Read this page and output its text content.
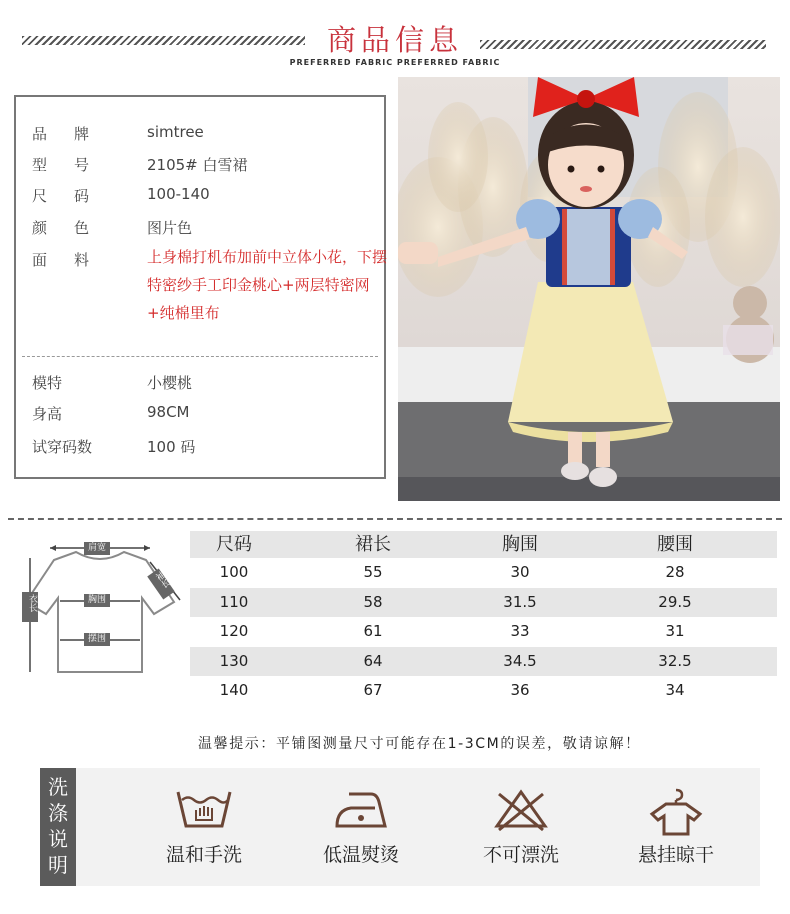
商品信息
PREFERRED FABRIC PREFERRED FABRIC
品牌 simtree
型号 2105# 白雪裙
尺码 100-140
颜色 图片色
面料 上身棉打机布加前中立体小花，下摆特密纱手工印金桃心+两层特密网+纯棉里布
模特	小樱桃
身高	98CM
试穿码数	100 码
肩宽
胸围
摆围
衣长
袖长
尺码	裙长	胸围	腰围
100	55	30	28
110	58	31.5	29.5
120	61	33	31
130	64	34.5	32.5
140	67	36	34
温馨提示：平铺图测量尺寸可能存在1-3CM的误差，敬请谅解！
洗
涤
说
明	温和手洗	低温熨烫	不可漂洗	悬挂晾干
